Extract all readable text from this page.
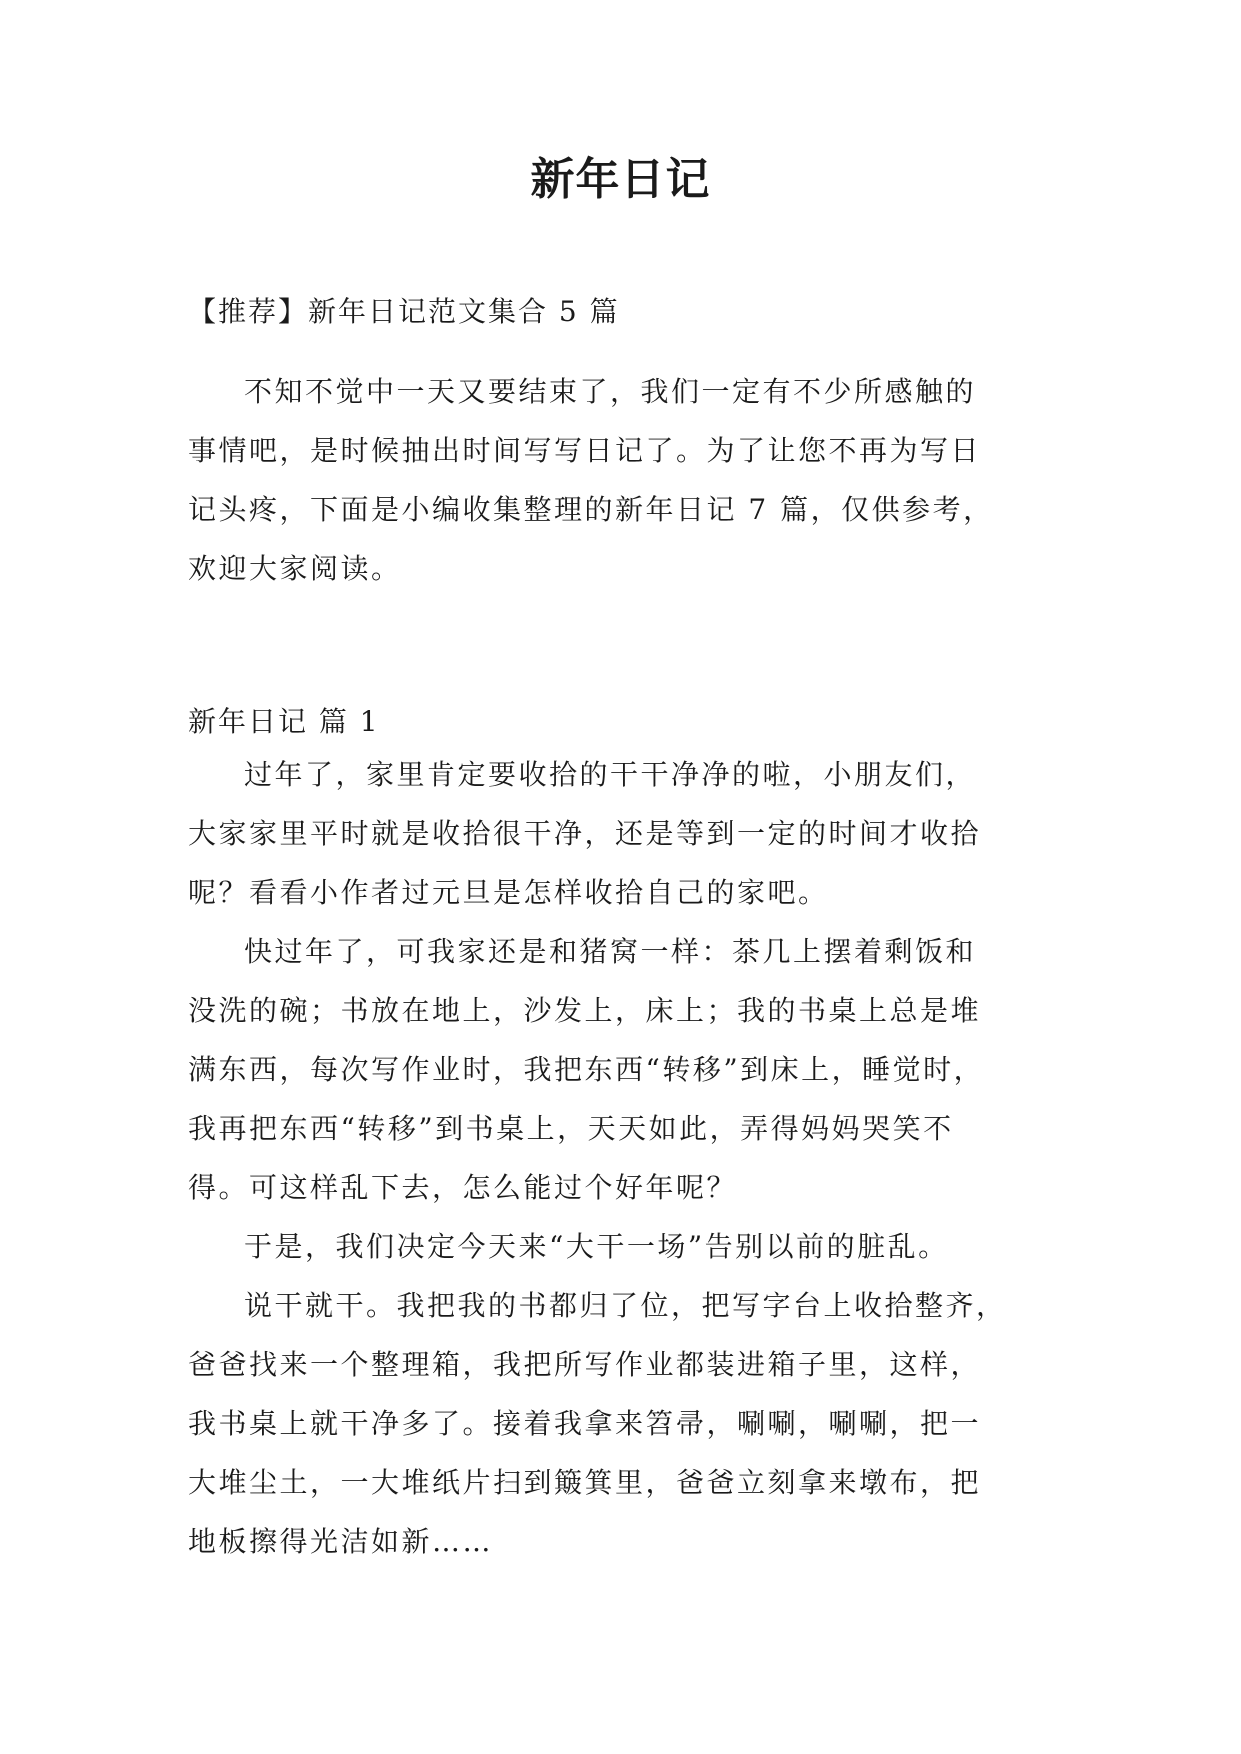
新年日记

【推荐】新年日记范文集合 5 篇

不知不觉中一天又要结束了，我们一定有不少所感触的
事情吧，是时候抽出时间写写日记了。为了让您不再为写日
记头疼，下面是小编收集整理的新年日记 7 篇，仅供参考，
欢迎大家阅读。

新年日记 篇 1

过年了，家里肯定要收拾的干干净净的啦，小朋友们，
大家家里平时就是收拾很干净，还是等到一定的时间才收拾
呢？看看小作者过元旦是怎样收拾自己的家吧。

快过年了，可我家还是和猪窝一样：茶几上摆着剩饭和
没洗的碗；书放在地上，沙发上，床上；我的书桌上总是堆
满东西，每次写作业时，我把东西“转移”到床上，睡觉时，
我再把东西“转移”到书桌上，天天如此，弄得妈妈哭笑不
得。可这样乱下去，怎么能过个好年呢？

于是，我们决定今天来“大干一场”告别以前的脏乱。

说干就干。我把我的书都归了位，把写字台上收拾整齐，
爸爸找来一个整理箱，我把所写作业都装进箱子里，这样，
我书桌上就干净多了。接着我拿来笤帚，唰唰，唰唰，把一
大堆尘土，一大堆纸片扫到簸箕里，爸爸立刻拿来墩布，把
地板擦得光洁如新……
